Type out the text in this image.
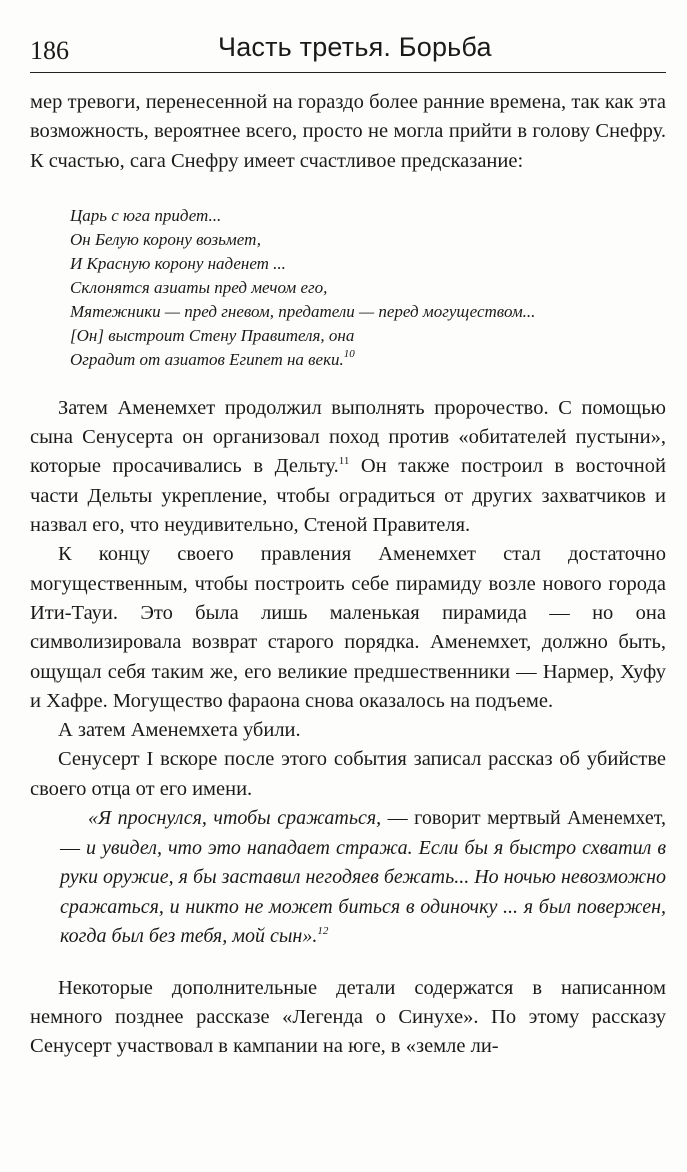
186	Часть третья. Борьба

мер тревоги, перенесенной на гораздо более ранние времена, так как эта возможность, вероятнее всего, просто не могла прийти в голову Снефру. К счастью, сага Снефру имеет счастливое предсказание:

Царь с юга придет...
Он Белую корону возьмет,
И Красную корону наденет ...
Склонятся азиаты пред мечом его,
Мятежники — пред гневом, предатели — перед могуществом...
[Он] выстроит Стену Правителя, она
Оградит от азиатов Египет на веки.$^{10}$

Затем Аменемхет продолжил выполнять пророчество. С помощью сына Сенусерта он организовал поход против «обитателей пустыни», которые просачивались в Дельту.$^{11}$ Он также построил в восточной части Дельты укрепление, чтобы оградиться от других захватчиков и назвал его, что неудивительно, Стеной Правителя.

К концу своего правления Аменемхет стал достаточно могущественным, чтобы построить себе пирамиду возле нового города Ити-Тауи. Это была лишь маленькая пирамида — но она символизировала возврат старого порядка. Аменемхет, должно быть, ощущал себя таким же, его великие предшественники — Нармер, Хуфу и Хафре. Могущество фараона снова оказалось на подъеме.

А затем Аменемхета убили.

Сенусерт I вскоре после этого события записал рассказ об убийстве своего отца от его имени.

«Я проснулся, чтобы сражаться, — говорит мертвый Аменемхет, — и увидел, что это нападает стража. Если бы я быстро схватил в руки оружие, я бы заставил негодяев бежать... Но ночью невозможно сражаться, и никто не может биться в одиночку ... я был повержен, когда был без тебя, мой сын».$^{12}$

Некоторые дополнительные детали содержатся в написанном немного позднее рассказе «Легенда о Синухе». По этому рассказу Сенусерт участвовал в кампании на юге, в «земле ли-
